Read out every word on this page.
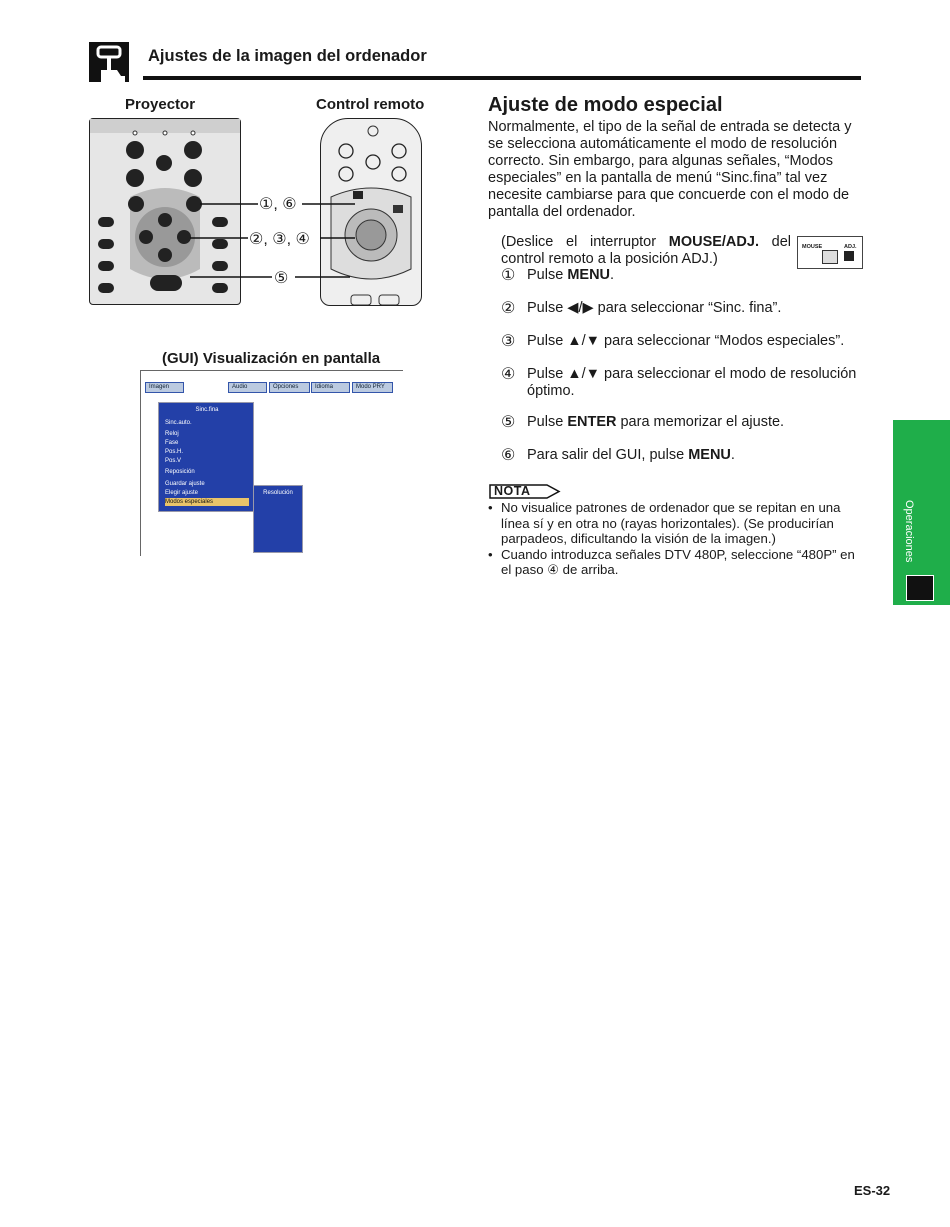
Ajustes de la imagen del ordenador
Proyector	Control remoto
①, ⑥
②, ③, ④
⑤
(GUI) Visualización en pantalla
Imagen	Audio	Opciones	Idioma	Modo PRY
Sinc.fina
Sinc.auto.
Reloj
Fase
Pos.H.
Pos.V
Reposición
Guardar ajuste
Elegir ajuste
Modos especiales
Resolución
Ajuste de modo especial
Normalmente, el tipo de la señal de entrada se detecta y se selecciona automáticamente el modo de resolución correcto. Sin embargo, para algunas señales, “Modos especiales” en la pantalla de menú “Sinc.fina” tal vez necesite cambiarse para que concuerde con el modo de pantalla del ordenador.
(Deslice el interruptor MOUSE/ADJ. del control remoto a la posición ADJ.)
MOUSE	ADJ.
① Pulse MENU.
② Pulse ◀/▶ para seleccionar “Sinc. fina”.
③ Pulse ▲/▼ para seleccionar “Modos especiales”.
④ Pulse ▲/▼ para seleccionar el modo de resolución óptimo.
⑤ Pulse ENTER para memorizar el ajuste.
⑥ Para salir del GUI, pulse MENU.
NOTA
• No visualice patrones de ordenador que se repitan en una línea sí y en otra no (rayas horizontales). (Se producirían parpadeos, dificultando la visión de la imagen.)
• Cuando introduzca señales DTV 480P, seleccione “480P” en el paso ④ de arriba.
Operaciones
ES-32
